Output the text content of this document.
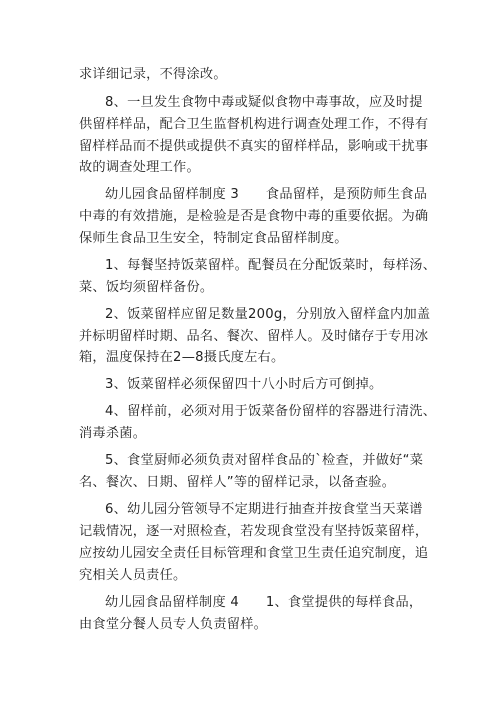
求详细记录，不得涂改。
8、一旦发生食物中毒或疑似食物中毒事故，应及时提
供留样样品，配合卫生监督机构进行调查处理工作，不得有
留样样品而不提供或提供不真实的留样样品，影响或干扰事
故的调查处理工作。
幼儿园食品留样制度 3　　食品留样，是预防师生食品
中毒的有效措施，是检验是否是食物中毒的重要依据。为确
保师生食品卫生安全，特制定食品留样制度。
1、每餐坚持饭菜留样。配餐员在分配饭菜时，每样汤、
菜、饭均须留样备份。
2、饭菜留样应留足数量200g，分别放入留样盒内加盖
并标明留样时期、品名、餐次、留样人。及时储存于专用冰
箱，温度保持在2—8摄氏度左右。
3、饭菜留样必须保留四十八小时后方可倒掉。
4、留样前，必须对用于饭菜备份留样的容器进行清洗、
消毒杀菌。
5、食堂厨师必须负责对留样食品的`检查，并做好“菜
名、餐次、日期、留样人”等的留样记录，以备查验。
6、幼儿园分管领导不定期进行抽查并按食堂当天菜谱
记载情况，逐一对照检查，若发现食堂没有坚持饭菜留样，
应按幼儿园安全责任目标管理和食堂卫生责任追究制度，追
究相关人员责任。
幼儿园食品留样制度 4　　1、食堂提供的每样食品，
由食堂分餐人员专人负责留样。
